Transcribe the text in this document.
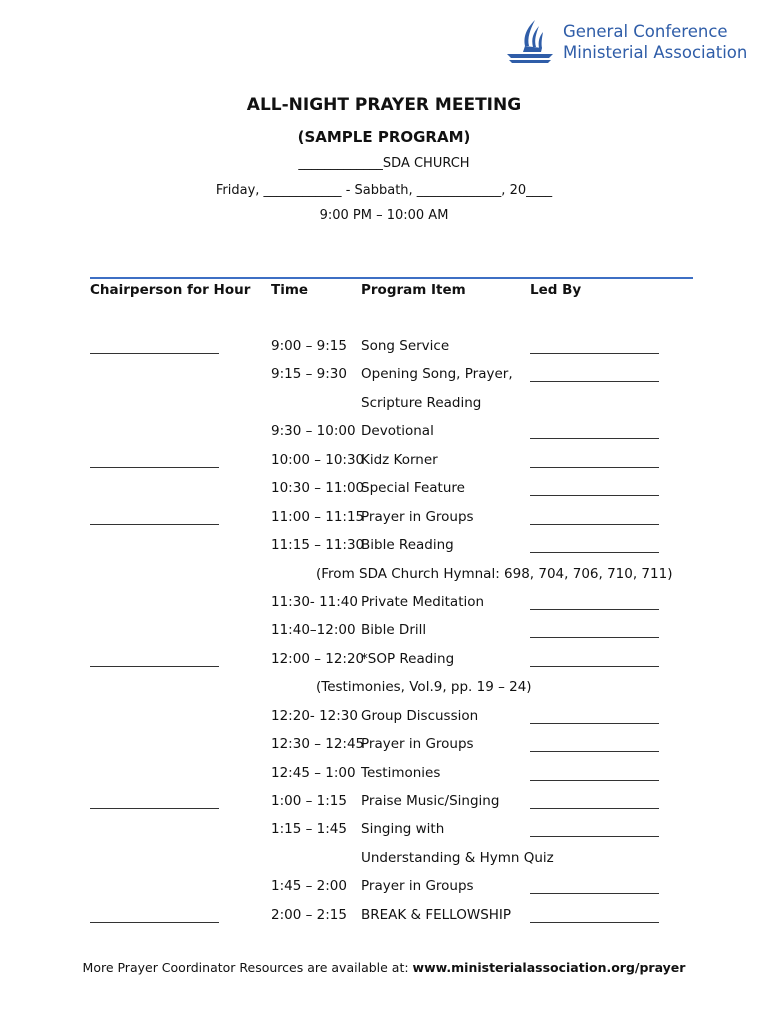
General Conference
Ministerial Association
ALL-NIGHT PRAYER MEETING
(SAMPLE PROGRAM)
_____________SDA CHURCH
Friday, ____________ - Sabbath, _____________, 20____
9:00 PM – 10:00 AM
Chairperson for Hour Time	Program Item	Led By
9:00 – 9:15 Song Service
9:15 – 9:30 Opening Song, Prayer,
Scripture Reading
9:30 – 10:00 Devotional
10:00 – 10:30
Kidz Korner
10:30 – 11:00
Special Feature
11:00 – 11:15
Prayer in Groups
11:15 – 11:30
Bible Reading
(From SDA Church Hymnal: 698, 704, 706, 710, 711)
11:30- 11:40 Private Meditation
11:40–12:00 Bible Drill
12:00 – 12:20
*SOP Reading
(Testimonies, Vol.9, pp. 19 – 24)
12:20- 12:30 Group Discussion
12:30 – 12:45
Prayer in Groups
12:45 – 1:00 Testimonies
1:00 – 1:15 Praise Music/Singing
1:15 – 1:45 Singing with
Understanding & Hymn Quiz
1:45 – 2:00 Prayer in Groups
2:00 – 2:15 BREAK & FELLOWSHIP
More Prayer Coordinator Resources are available at: www.ministerialassociation.org/prayer
